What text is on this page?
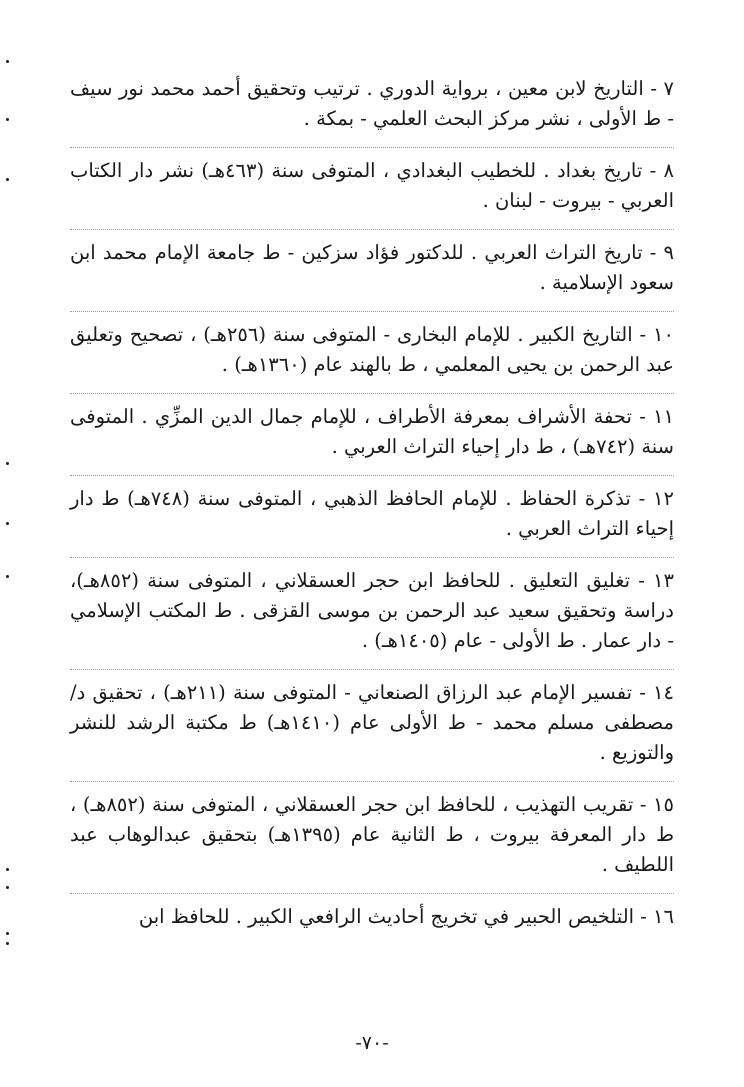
٧ - التاريخ لابن معين ، برواية الدوري . ترتيب وتحقيق أحمد محمد نور سيف - ط الأولى ، نشر مركز البحث العلمي - بمكة .

٨ - تاريخ بغداد . للخطيب البغدادي ، المتوفى سنة (٤٦٣هـ) نشر دار الكتاب العربي - بيروت - لبنان .

٩ - تاريخ التراث العربي . للدكتور فؤاد سزكين - ط جامعة الإمام محمد ابن سعود الإسلامية .

١٠ - التاريخ الكبير . للإمام البخارى - المتوفى سنة (٢٥٦هـ) ، تصحيح وتعليق عبد الرحمن بن يحيى المعلمي ، ط بالهند عام (١٣٦٠هـ) .

١١ - تحفة الأشراف بمعرفة الأطراف ، للإمام جمال الدين المزِّي . المتوفى سنة (٧٤٢هـ) ، ط دار إحياء التراث العربي .

١٢ - تذكرة الحفاظ . للإمام الحافظ الذهبي ، المتوفى سنة (٧٤٨هـ) ط دار إحياء التراث العربي .

١٣ - تغليق التعليق . للحافظ ابن حجر العسقلاني ، المتوفى سنة (٨٥٢هـ)، دراسة وتحقيق سعيد عبد الرحمن بن موسى القزقى . ط المكتب الإسلامي - دار عمار . ط الأولى - عام (١٤٠٥هـ) .

١٤ - تفسير الإمام عبد الرزاق الصنعاني - المتوفى سنة (٢١١هـ) ، تحقيق د/ مصطفى مسلم محمد - ط الأولى عام (١٤١٠هـ) ط مكتبة الرشد للنشر والتوزيع .

١٥ - تقريب التهذيب ، للحافظ ابن حجر العسقلاني ، المتوفى سنة (٨٥٢هـ) ، ط دار المعرفة بيروت ، ط الثانية عام (١٣٩٥هـ) بتحقيق عبدالوهاب عبد اللطيف .

١٦ - التلخيص الحبير في تخريج أحاديث الرافعي الكبير . للحافظ ابن

-٧٠-
